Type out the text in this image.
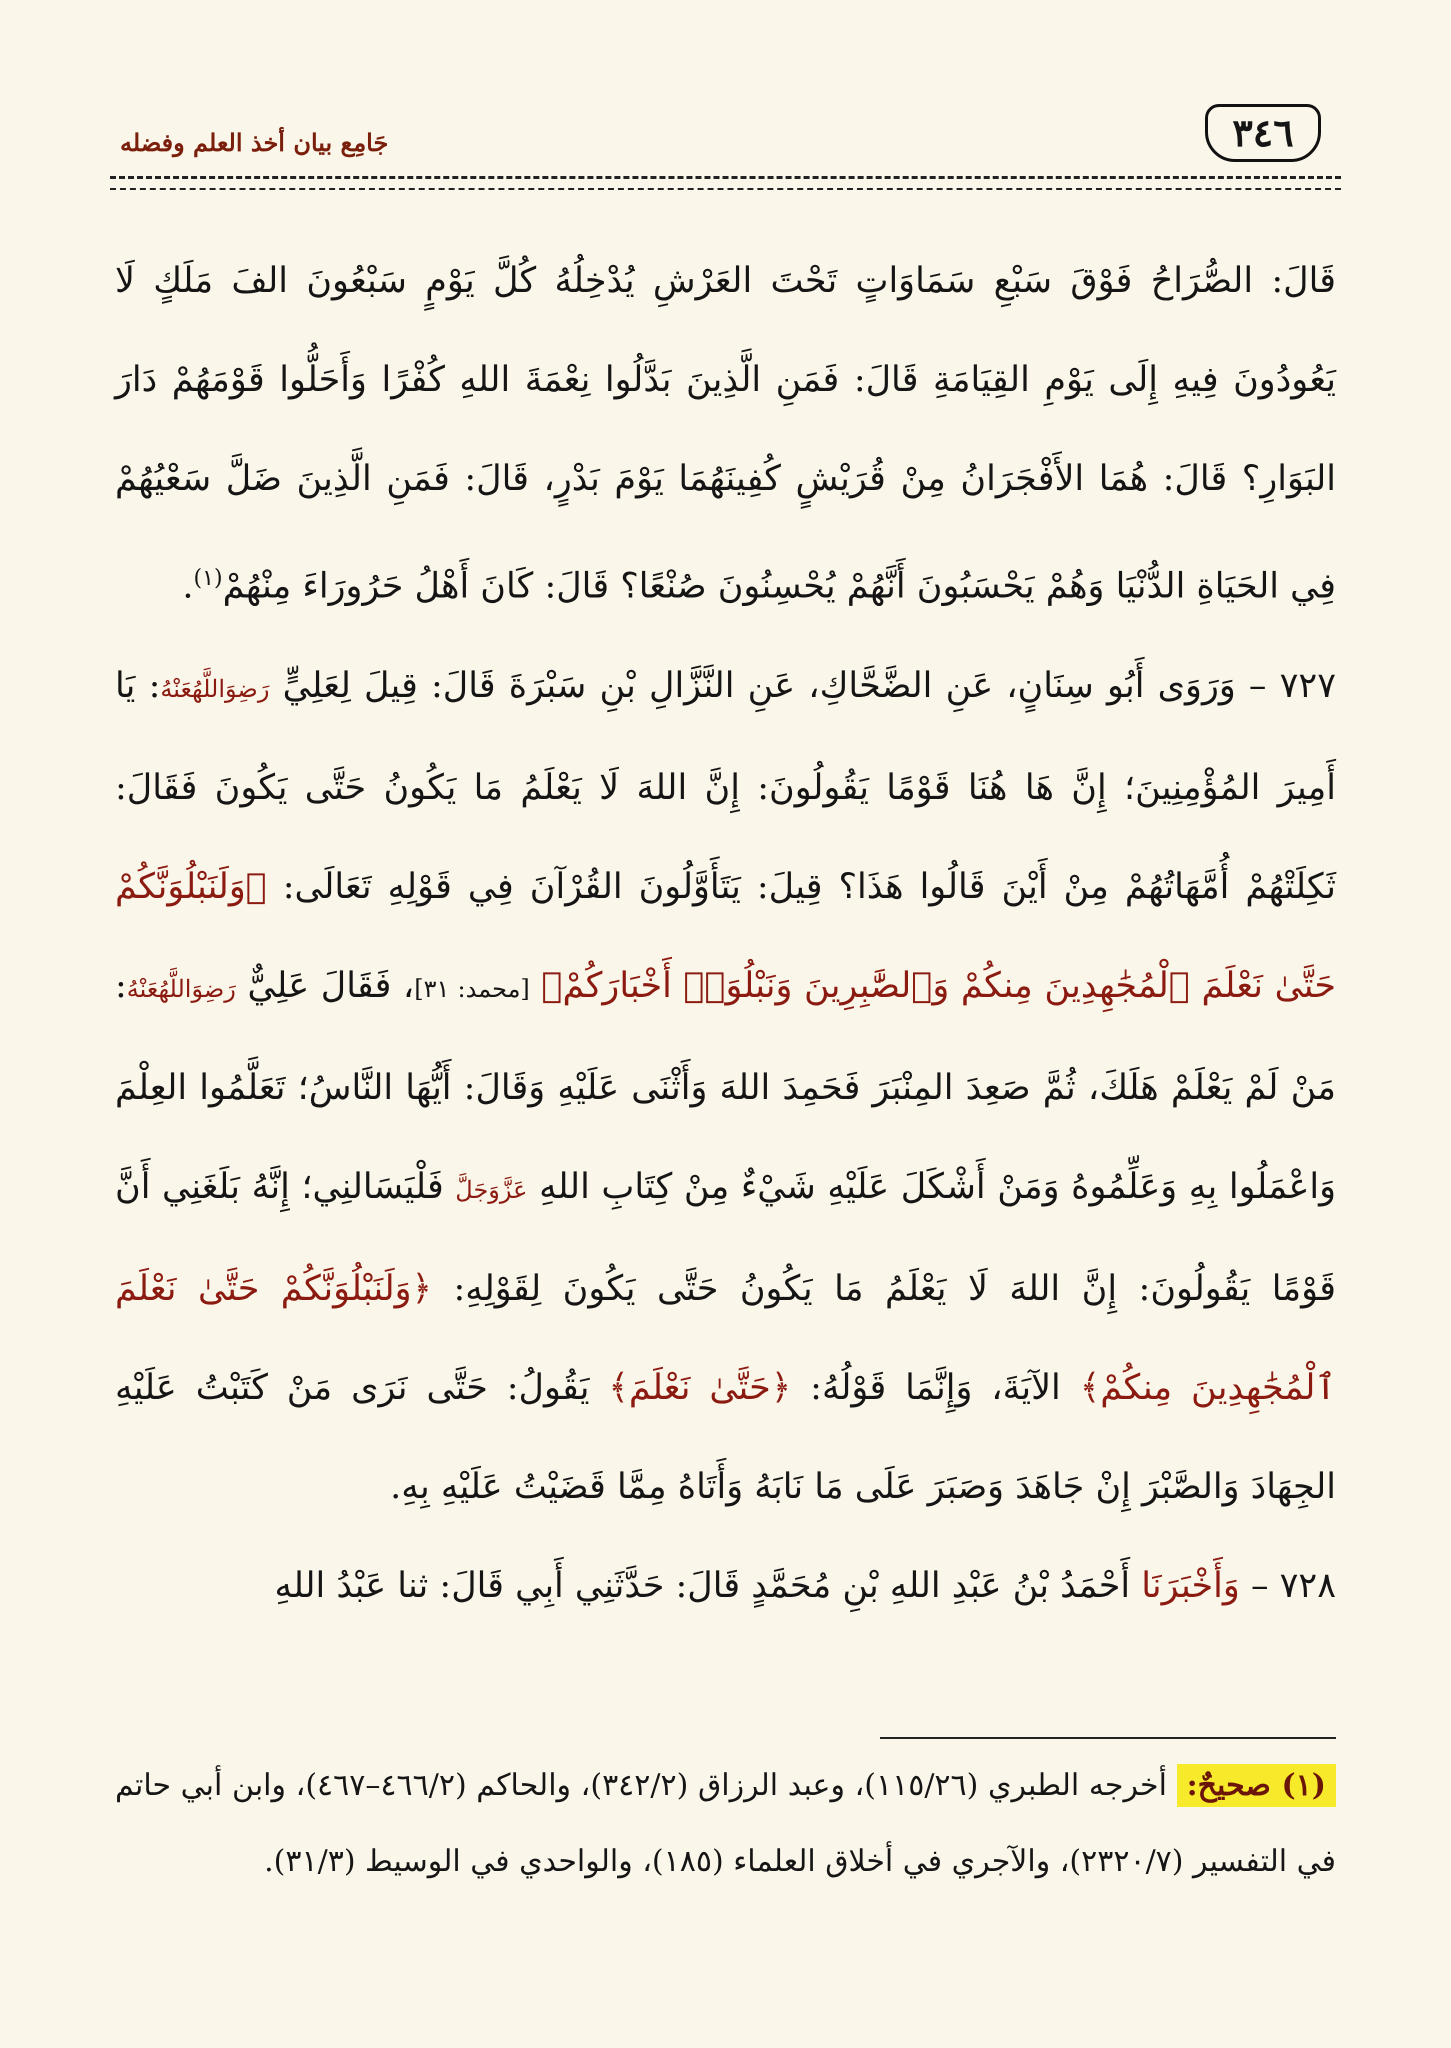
جَامِع بيان أخذ العلم وفضله	٣٤٦

قَالَ: الصُّرَاحُ فَوْقَ سَبْعِ سَمَاوَاتٍ تَحْتَ العَرْشِ يُدْخِلُهُ كُلَّ يَوْمٍ سَبْعُونَ الفَ مَلَكٍ لَا يَعُودُونَ فِيهِ إِلَى يَوْمِ القِيَامَةِ قَالَ: فَمَنِ الَّذِينَ بَدَّلُوا نِعْمَةَ اللهِ كُفْرًا وَأَحَلُّوا قَوْمَهُمْ دَارَ البَوَارِ؟ قَالَ: هُمَا الأَفْجَرَانُ مِنْ قُرَيْشٍ كُفِينَهُمَا يَوْمَ بَدْرٍ، قَالَ: فَمَنِ الَّذِينَ ضَلَّ سَعْيُهُمْ فِي الحَيَاةِ الدُّنْيَا وَهُمْ يَحْسَبُونَ أَنَّهُمْ يُحْسِنُونَ صُنْعًا؟ قَالَ: كَانَ أَهْلُ حَرُورَاءَ مِنْهُمْ$^{(١)}$.

٧٢٧ – وَرَوَى أَبُو سِنَانٍ، عَنِ الضَّحَّاكِ، عَنِ النَّزَّالِ بْنِ سَبْرَةَ قَالَ: قِيلَ لِعَلِيٍّ رَضِوَاللَّهُعَنْهُ: يَا أَمِيرَ المُؤْمِنِينَ؛ إِنَّ هَا هُنَا قَوْمًا يَقُولُونَ: إِنَّ اللهَ لَا يَعْلَمُ مَا يَكُونُ حَتَّى يَكُونَ فَقَالَ: ثَكِلَتْهُمْ أُمَّهَاتُهُمْ مِنْ أَيْنَ قَالُوا هَذَا؟ قِيلَ: يَتَأَوَّلُونَ القُرْآنَ فِي قَوْلِهِ تَعَالَى: ﴿وَلَنَبْلُوَنَّكُمْ حَتَّىٰ نَعْلَمَ ٱلْمُجَٰهِدِينَ مِنكُمْ وَٱلصَّٰبِرِينَ وَنَبْلُوَا۟ أَخْبَارَكُمْ﴾ [محمد: ٣١]، فَقَالَ عَلِيٌّ رَضِوَاللَّهُعَنْهُ: مَنْ لَمْ يَعْلَمْ هَلَكَ، ثُمَّ صَعِدَ المِنْبَرَ فَحَمِدَ اللهَ وَأَثْنَى عَلَيْهِ وَقَالَ: أَيُّهَا النَّاسُ؛ تَعَلَّمُوا العِلْمَ وَاعْمَلُوا بِهِ وَعَلِّمُوهُ وَمَنْ أَشْكَلَ عَلَيْهِ شَيْءٌ مِنْ كِتَابِ اللهِ عَزَّوَجَلَّ فَلْيَسَالنِي؛ إِنَّهُ بَلَغَنِي أَنَّ قَوْمًا يَقُولُونَ: إِنَّ اللهَ لَا يَعْلَمُ مَا يَكُونُ حَتَّى يَكُونَ لِقَوْلِهِ: ﴿وَلَنَبْلُوَنَّكُمْ حَتَّىٰ نَعْلَمَ ٱلْمُجَٰهِدِينَ مِنكُمْ﴾ الآيَةَ، وَإِنَّمَا قَوْلُهُ: ﴿حَتَّىٰ نَعْلَمَ﴾ يَقُولُ: حَتَّى نَرَى مَنْ كَتَبْتُ عَلَيْهِ الجِهَادَ وَالصَّبْرَ إِنْ جَاهَدَ وَصَبَرَ عَلَى مَا نَابَهُ وَأَتَاهُ مِمَّا قَضَيْتُ عَلَيْهِ بِهِ.

٧٢٨ – وَأَخْبَرَنَا أَحْمَدُ بْنُ عَبْدِ اللهِ بْنِ مُحَمَّدٍ قَالَ: حَدَّثَنِي أَبِي قَالَ: ثنا عَبْدُ اللهِ

(١) صحيحٌ: أخرجه الطبري (١١٥/٢٦)، وعبد الرزاق (٣٤٢/٢)، والحاكم (٤٦٦/٢–٤٦٧)، وابن أبي حاتم في التفسير (٢٣٢٠/٧)، والآجري في أخلاق العلماء (١٨٥)، والواحدي في الوسيط (٣١/٣).
